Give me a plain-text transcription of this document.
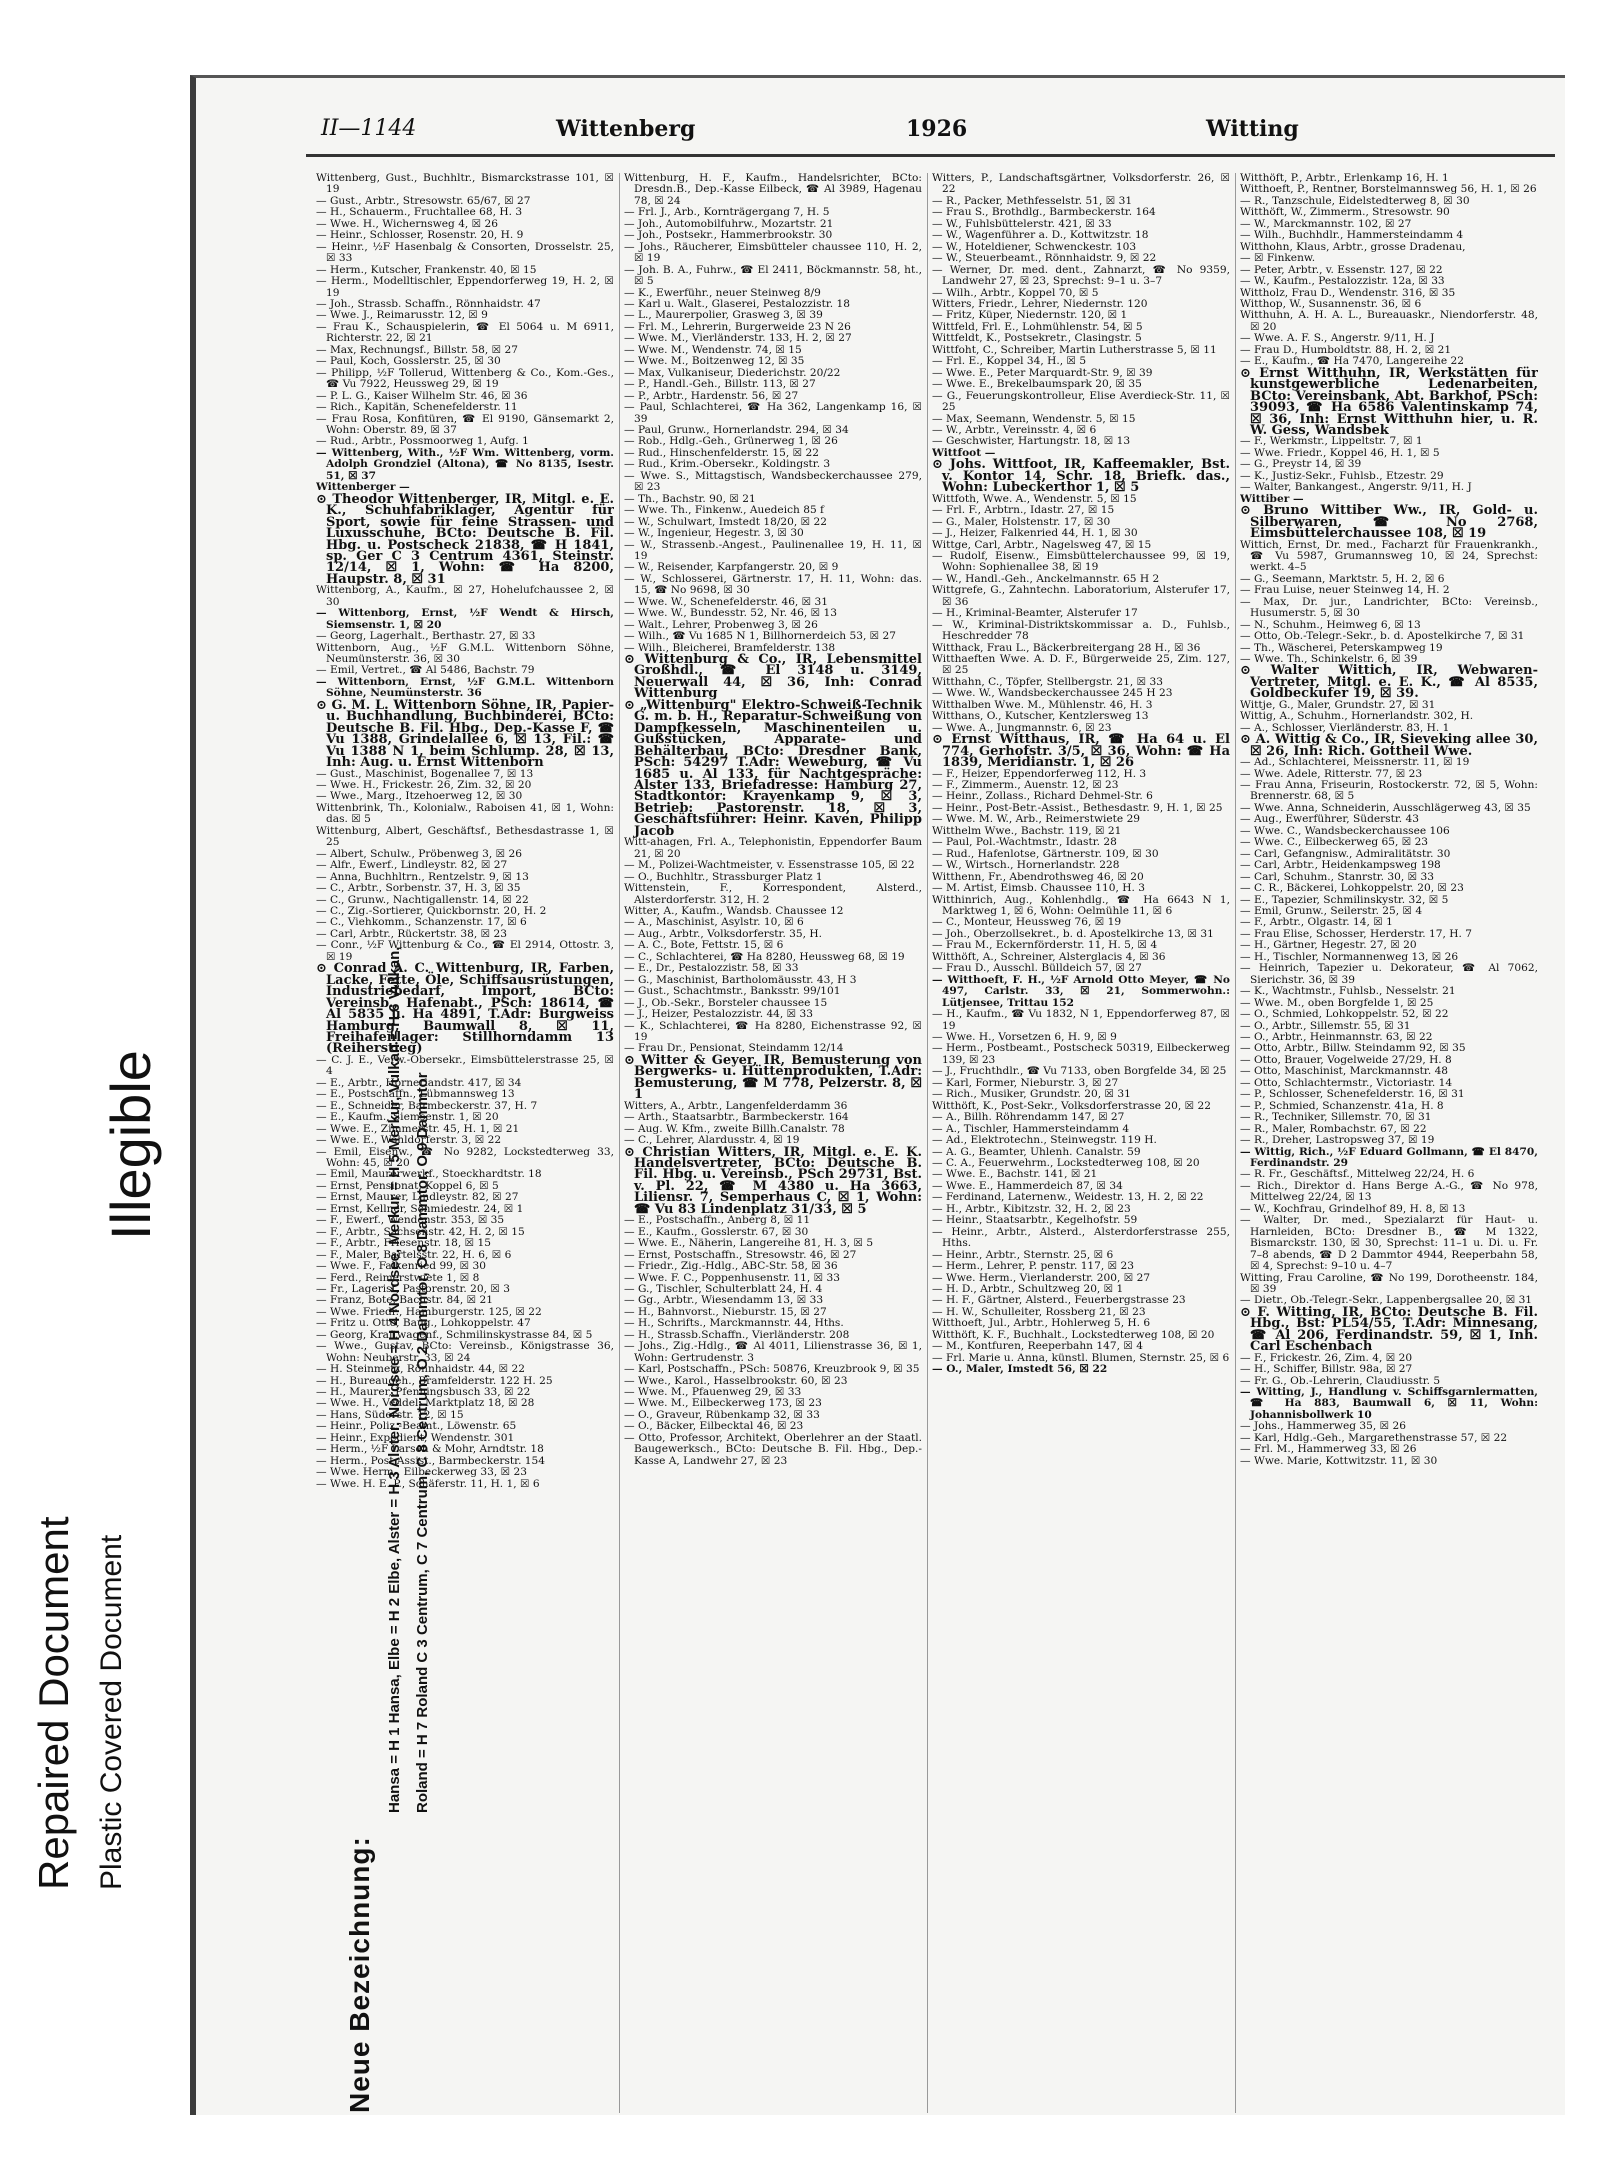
Repaired Document Plastic Covered Document
Illegible
II—1144	Wittenberg	1926	Witting
Neue Bezeichnung:
Hansa = H 1 Hansa, Elbe = H 2 Elbe, Alster = H 3 Alster, Nordsee = H 4 Nordsee, Merkur = H 5 Merkur, Vulkan = H 6 Vulkan, Roland = H 7 Roland C 3 Centrum, C 7 Centrum, C 8 Centrum, O 2 Dammtor, O 8 Dammtor, O 9 Dammtor

Wittenberg, Gust., Buchhltr., Bismarckstrasse 101, ☒ 19

— Gust., Arbtr., Stresowstr. 65/67, ☒ 27

— H., Schauerm., Fruchtallee 68, H. 3

— Wwe. H., Wichernsweg 4, ☒ 26

— Heinr., Schlosser, Rosenstr. 20, H. 9

— Heinr., ½F Hasenbalg & Consorten, Drosselstr. 25, ☒ 33

— Herm., Kutscher, Frankenstr. 40, ☒ 15

— Herm., Modelltischler, Eppendorferweg 19, H. 2, ☒ 19

— Joh., Strassb. Schaffn., Rönnhaidstr. 47

— Wwe. J., Reimarusstr. 12, ☒ 9

— Frau K., Schauspielerin, ☎ El 5064 u. M 6911, Richterstr. 22, ☒ 21

— Max, Rechnungsf., Billstr. 58, ☒ 27

— Paul, Koch, Gosslerstr. 25, ☒ 30

— Philipp, ½F Tollerud, Wittenberg & Co., Kom.-Ges., ☎ Vu 7922, Heussweg 29, ☒ 19

— P. L. G., Kaiser Wilhelm Str. 46, ☒ 36

— Rich., Kapitän, Schenefelderstr. 11

— Frau Rosa, Konfitüren, ☎ El 9190, Gänsemarkt 2, Wohn: Oberstr. 89, ☒ 37

— Rud., Arbtr., Possmoorweg 1, Aufg. 1

— Wittenberg, With., ½F Wm. Wittenberg, vorm. Adolph Grondziel (Altona), ☎ No 8135, Isestr. 51, ☒ 37

Wittenberger —

⊙ Theodor Wittenberger, IR, Mitgl. e. E. K., Schuhfabriklager, Agentur für Sport, sowie für feine Strassen- und Luxusschuhe, BCto: Deutsche B. Fil. Hbg. u. Postscheck 21838, ☎ H 1841, sp. Ger C 3 Centrum 4361, Steinstr. 12/14, ☒ 1, Wohn: ☎ Ha 8200, Haupstr. 8, ☒ 31

Wittenborg, A., Kaufm., ☒ 27, Hohelufchaussee 2, ☒ 30

— Wittenborg, Ernst, ½F Wendt & Hirsch, Siemsenstr. 1, ☒ 20

— Georg, Lagerhalt., Berthastr. 27, ☒ 33

Wittenborn, Aug., ½F G.M.L. Wittenborn Söhne, Neumünsterstr. 36, ☒ 30

— Emil, Vertret., ☎ Al 5486, Bachstr. 79

— Wittenborn, Ernst, ½F G.M.L. Wittenborn Söhne, Neumünsterstr. 36

⊙ G. M. L. Wittenborn Söhne, IR, Papier- u. Buchhandlung, Buchbinderei, BCto: Deutsche B. Fil. Hbg., Dep.-Kasse F, ☎ Vu 1388, Grindelallee 6, ☒ 13, Fil.: ☎ Vu 1388 N 1, beim Schlump. 28, ☒ 13, Inh: Aug. u. Ernst Wittenborn

— Gust., Maschinist, Bogenallee 7, ☒ 13

— Wwe. H., Frickestr. 26, Zim. 32, ☒ 20

— Wwe., Marg., Itzehoerweg 12, ☒ 30

Wittenbrink, Th., Kolonialw., Raboisen 41, ☒ 1, Wohn: das. ☒ 5

Wittenburg, Albert, Geschäftsf., Bethesdastrasse 1, ☒ 25

— Albert, Schulw., Pröbenweg 3, ☒ 26

— Alfr., Ewerf., Lindleystr. 82, ☒ 27

— Anna, Buchhltrn., Rentzelstr. 9, ☒ 13

— C., Arbtr., Sorbenstr. 37, H. 3, ☒ 35

— C., Grunw., Nachtigallenstr. 14, ☒ 22

— C., Zig.-Sortierer, Quickbornstr. 20, H. 2

— C., Viehkomm., Schanzenstr. 17, ☒ 6

— Carl, Arbtr., Rückertstr. 38, ☒ 23

— Conr., ½F Wittenburg & Co., ☎ El 2914, Ottostr. 3, ☒ 19

⊙ Conrad A. C. Wittenburg, IR, Farben, Lacke, Fette, Öle, Schiffsausrüstungen, Industriebedarf, Import, BCto: Vereinsb., Hafenabt., PSch: 18614, ☎ Al 5835 u. Ha 4891, T.Adr: Burgweiss Hamburg, Baumwall 8, ☒ 11, Freihafenlager: Stillhorndamm 13 (Reiherstieg)

— C. J. E., Verw.-Obersekr., Eimsbüttelerstrasse 25, ☒ 4

— E., Arbtr., Hornerlandstr. 417, ☒ 34

— E., Postschaffn., Lübmannsweg 13

— E., Schneider, Barmbeckerstr. 37, H. 7

— E., Kaufm., Siemsenstr. 1, ☒ 20

— Wwe. E., Zimmerstr. 45, H. 1, ☒ 21

— Wwe. E., Wohldorferstr. 3, ☒ 22

— Emil, Eisenw., ☎ No 9282, Lockstedterweg 33, Wohn: 45, ☒ 20

— Emil, Maurerwerkf., Stoeckhardtstr. 18

— Ernst, Pensionat, Koppel 6, ☒ 5

— Ernst, Maurer, Lindleystr. 82, ☒ 27

— Ernst, Kellner, Schmiedestr. 24, ☒ 1

— F., Ewerf., Wendenstr. 353, ☒ 35

— F., Arbtr., Sachsenstr. 42, H. 2, ☒ 15

— F., Arbtr., Friesenstr. 18, ☒ 15

— F., Maler, Bartelsstr. 22, H. 6, ☒ 6

— Wwe. F., Falkenried 99, ☒ 30

— Ferd., Reimerstwiete 1, ☒ 8

— Fr., Lagerist, Pastorenstr. 20, ☒ 3

— Franz, Bote, Bachstr. 84, ☒ 21

— Wwe. Friedr., Hamburgerstr. 125, ☒ 22

— Fritz u. Otto, Baug., Lohkoppelstr. 47

— Georg, Kraftwagenf., Schmilinskystrasse 84, ☒ 5

— Wwe., Gustav, BCto: Vereinsb., Königstrasse 36, Wohn: Neuberstr. 33, ☒ 24

— H. Steinmetz, Rönnhaidstr. 44, ☒ 22

— H., Bureaugeh., Bramfelderstr. 122 H. 25

— H., Maurer, Pfenningsbusch 33, ☒ 22

— Wwe. H., Veddel, Marktplatz 18, ☒ 28

— Hans, Süderstr. 12, ☒ 15

— Heinr., Poliz.-Beamt., Löwenstr. 65

— Heinr., Expedient, Wendenstr. 301

— Herm., ½F Larsen & Mohr, Arndtstr. 18

— Herm., Post Assist., Barmbeckerstr. 154

— Wwe. Herm., Eilbeckerweg 33, ☒ 23

— Wwe. H. E. P., Schäferstr. 11, H. 1, ☒ 6

Wittenburg, H. F., Kaufm., Handelsrichter, BCto: Dresdn.B., Dep.-Kasse Eilbeck, ☎ Al 3989, Hagenau 78, ☒ 24

— Frl. J., Arb., Kornträgergang 7, H. 5

— Joh., Automobilfuhrw., Mozartstr. 21

— Joh., Postsekr., Hammerbrookstr. 30

— Johs., Räucherer, Eimsbütteler chaussee 110, H. 2, ☒ 19

— Joh. B. A., Fuhrw., ☎ El 2411, Böckmannstr. 58, ht., ☒ 5

— K., Ewerführ., neuer Steinweg 8/9

— Karl u. Walt., Glaserei, Pestalozzistr. 18

— L., Maurerpolier, Grasweg 3, ☒ 39

— Frl. M., Lehrerin, Burgerweide 23 N 26

— Wwe. M., Vierländerstr. 133, H. 2, ☒ 27

— Wwe. M., Wendenstr. 74, ☒ 15

— Wwe. M., Boitzenweg 12, ☒ 35

— Max, Vulkaniseur, Diederichstr. 20/22

— P., Handl.-Geh., Billstr. 113, ☒ 27

— P., Arbtr., Hardenstr. 56, ☒ 27

— Paul, Schlachterei, ☎ Ha 362, Langenkamp 16, ☒ 39

— Paul, Grunw., Hornerlandstr. 294, ☒ 34

— Rob., Hdlg.-Geh., Grünerweg 1, ☒ 26

— Rud., Hinschenfelderstr. 15, ☒ 22

— Rud., Krim.-Obersekr., Koldingstr. 3

— Wwe. S., Mittagstisch, Wandsbeckerchaussee 279, ☒ 23

— Th., Bachstr. 90, ☒ 21

— Wwe. Th., Finkenw., Auedeich 85 f

— W., Schulwart, Imstedt 18/20, ☒ 22

— W., Ingenieur, Hegestr. 3, ☒ 30

— W., Strassenb.-Angest., Paulinenallee 19, H. 11, ☒ 19

— W., Reisender, Karpfangerstr. 20, ☒ 9

— W., Schlosserei, Gärtnerstr. 17, H. 11, Wohn: das. 15, ☎ No 9698, ☒ 30

— Wwe. W., Schenefelderstr. 46, ☒ 31

— Wwe. W., Bundesstr. 52, Nr. 46, ☒ 13

— Walt., Lehrer, Probenweg 3, ☒ 26

— Wilh., ☎ Vu 1685 N 1, Billhornerdeich 53, ☒ 27

— Wilh., Bleicherei, Bramfelderstr. 138

⊙ Wittenburg & Co., IR, Lebensmittel Großhdl., ☎ El 3148 u. 3149, Neuerwall 44, ☒ 36, Inh: Conrad Wittenburg

⊙ „Wittenburg" Elektro-Schweiß-Technik G. m. b. H., Reparatur-Schweißung von Dampfkesseln, Maschinenteilen u. Gußstücken, Apparate- und Behälterbau, BCto: Dresdner Bank, PSch: 54297 T.Adr: Weweburg, ☎ Vu 1685 u. Al 133, für Nachtgespräche: Alster 133, Briefadresse: Hamburg 27, Stadtkontor: Krayenkamp 9, ☒ 3, Betrieb: Pastorenstr. 18, ☒ 3, Geschäftsführer: Heinr. Kaven, Philipp Jacob

Witt-ahagen, Frl. A., Telephonistin, Eppendorfer Baum 21, ☒ 20

— M., Polizei-Wachtmeister, v. Essenstrasse 105, ☒ 22

— O., Buchhltr., Strassburger Platz 1

Wittenstein, F., Korrespondent, Alsterd., Alsterdorferstr. 312, H. 2

Witter, A., Kaufm., Wandsb. Chaussee 12

— A., Maschinist, Asylstr. 10, ☒ 6

— Aug., Arbtr., Volksdorferstr. 35, H.

— A. C., Bote, Fettstr. 15, ☒ 6

— C., Schlachterei, ☎ Ha 8280, Heussweg 68, ☒ 19

— E., Dr., Pestalozzistr. 58, ☒ 33

— G., Maschinist, Bartholomäusstr. 43, H 3

— Gust., Schachtmstr., Banksstr. 99/101

— J., Ob.-Sekr., Borsteler chaussee 15

— J., Heizer, Pestalozzistr. 44, ☒ 33

— K., Schlachterei, ☎ Ha 8280, Eichenstrasse 92, ☒ 19

— Frau Dr., Pensionat, Steindamm 12/14

⊙ Witter & Geyer, IR, Bemusterung von Bergwerks- u. Hüttenprodukten, T.Adr: Bemusterung, ☎ M 778, Pelzerstr. 8, ☒ 1

Witters, A., Arbtr., Langenfelderdamm 36

— Arth., Staatsarbtr., Barmbeckerstr. 164

— Aug. W. Kfm., zweite Billh.Canalstr. 78

— C., Lehrer, Alardusstr. 4, ☒ 19

⊙ Christian Witters, IR, Mitgl. e. E. K. Handelsvertreter, BCto: Deutsche B. Fil. Hbg. u. Vereinsb., PSch 29731, Bst. v. Pl. 22, ☎ M 4380 u. Ha 3663, Liliensr. 7, Semperhaus C, ☒ 1, Wohn: ☎ Vu 83 Lindenplatz 31/33, ☒ 5

— E., Postschaffn., Anberg 8, ☒ 11

— E., Kaufm., Gosslerstr. 67, ☒ 30

— Wwe. E., Näherin, Langereihe 81, H. 3, ☒ 5

— Ernst, Postschaffn., Stresowstr. 46, ☒ 27

— Friedr., Zig.-Hdlg., ABC-Str. 58, ☒ 36

— Wwe. F. C., Poppenhusenstr. 11, ☒ 33

— G., Tischler, Schulterblatt 24, H. 4

— Gg., Arbtr., Wiesendamm 13, ☒ 33

— H., Bahnvorst., Nieburstr. 15, ☒ 27

— H., Schrifts., Marckmannstr. 44, Hths.

— H., Strassb.Schaffn., Vierländerstr. 208

— Johs., Zig.-Hdlg., ☎ Al 4011, Lilienstrasse 36, ☒ 1, Wohn: Gertrudenstr. 3

— Karl, Postschaffn., PSch: 50876, Kreuzbrook 9, ☒ 35

— Wwe., Karol., Hasselbrookstr. 60, ☒ 23

— Wwe. M., Pfauenweg 29, ☒ 33

— Wwe. M., Eilbeckerweg 173, ☒ 23

— O., Graveur, Rübenkamp 32, ☒ 33

— O., Bäcker, Eilbecktal 46, ☒ 23

— Otto, Professor, Architekt, Oberlehrer an der Staatl. Baugewerksch., BCto: Deutsche B. Fil. Hbg., Dep.-Kasse A, Landwehr 27, ☒ 23

Witters, P., Landschaftsgärtner, Volksdorferstr. 26, ☒ 22

— R., Packer, Methfesselstr. 51, ☒ 31

— Frau S., Brothdlg., Barmbeckerstr. 164

— W., Fuhlsbüttelerstr. 421, ☒ 33

— W., Wagenführer a. D., Kottwitzstr. 18

— W., Hoteldiener, Schwenckestr. 103

— W., Steuerbeamt., Rönnhaidstr. 9, ☒ 22

— Werner, Dr. med. dent., Zahnarzt, ☎ No 9359, Landwehr 27, ☒ 23, Sprechst: 9–1 u. 3–7

— Wilh., Arbtr., Koppel 70, ☒ 5

Witters, Friedr., Lehrer, Niedernstr. 120

— Fritz, Küper, Niedernstr. 120, ☒ 1

Wittfeld, Frl. E., Lohmühlenstr. 54, ☒ 5

Wittfeldt, K., Postsekretr., Clasingstr. 5

Wittfoht, C., Schreiber, Martin Lutherstrasse 5, ☒ 11

— Frl. E., Koppel 34, H., ☒ 5

— Wwe. E., Peter Marquardt-Str. 9, ☒ 39

— Wwe. E., Brekelbaumspark 20, ☒ 35

— G., Feuerungskontrolleur, Elise Averdieck-Str. 11, ☒ 25

— Max, Seemann, Wendenstr. 5, ☒ 15

— W., Arbtr., Vereinsstr. 4, ☒ 6

— Geschwister, Hartungstr. 18, ☒ 13

Wittfoot —

⊙ Johs. Wittfoot, IR, Kaffeemakler, Bst. v. Kontor 14, Schr. 18, Briefk. das., Wohn: Lubeckerthor 1, ☒ 5

Wittfoth, Wwe. A., Wendenstr. 5, ☒ 15

— Frl. F., Arbtrn., Idastr. 27, ☒ 15

— G., Maler, Holstenstr. 17, ☒ 30

— J., Heizer, Falkenried 44, H. 1, ☒ 30

Wittge, Carl, Arbtr., Nagelsweg 47, ☒ 15

— Rudolf, Eisenw., Eimsbüttelerchaussee 99, ☒ 19, Wohn: Sophienallee 38, ☒ 19

— W., Handl.-Geh., Anckelmannstr. 65 H 2

Wittgrefe, G., Zahntechn. Laboratorium, Alsterufer 17, ☒ 36

— H., Kriminal-Beamter, Alsterufer 17

— W., Kriminal-Distriktskommissar a. D., Fuhlsb., Heschredder 78

Witthack, Frau L., Bäckerbreitergang 28 H., ☒ 36

Witthaeften Wwe. A. D. F., Bürgerweide 25, Zim. 127, ☒ 25

Witthahn, C., Töpfer, Stellbergstr. 21, ☒ 33

— Wwe. W., Wandsbeckerchaussee 245 H 23

Witthalben Wwe. M., Mühlenstr. 46, H. 3

Witthans, O., Kutscher, Kentzlersweg 13

— Wwe. A., Jungmannstr. 6, ☒ 23

⊙ Ernst Witthaus, IR, ☎ Ha 64 u. El 774, Gerhofstr. 3/5, ☒ 36, Wohn: ☎ Ha 1839, Meridianstr. 1, ☒ 26

— F., Heizer, Eppendorferweg 112, H. 3

— F., Zimmerm., Auenstr. 12, ☒ 23

— Heinr., Zollass., Richard Dehmel-Str. 6

— Heinr., Post-Betr.-Assist., Bethesdastr. 9, H. 1, ☒ 25

— Wwe. M. W., Arb., Reimerstwiete 29

Witthelm Wwe., Bachstr. 119, ☒ 21

— Paul, Pol.-Wachtmstr., Idastr. 28

— Rud., Hafenlotse, Gärtnerstr. 109, ☒ 30

— W., Wirtsch., Hornerlandstr. 228

Witthenn, Fr., Abendrothsweg 46, ☒ 20

— M. Artist, Eimsb. Chaussee 110, H. 3

Witthinrich, Aug., Kohlenhdlg., ☎ Ha 6643 N 1, Marktweg 1, ☒ 6, Wohn: Oelmühle 11, ☒ 6

— C., Monteur, Heussweg 76, ☒ 19

— Joh., Oberzollsekret., b. d. Apostelkirche 13, ☒ 31

— Frau M., Eckernförderstr. 11, H. 5, ☒ 4

Witthöft, A., Schreiner, Alsterglacis 4, ☒ 36

— Frau D., Ausschl. Bülldeich 57, ☒ 27

— Witthoeft, F. H., ½F Arnold Otto Meyer, ☎ No 497, Carlstr. 33, ☒ 21, Sommerwohn.: Lütjensee, Trittau 152

— H., Kaufm., ☎ Vu 1832, N 1, Eppendorferweg 87, ☒ 19

— Wwe. H., Vorsetzen 6, H. 9, ☒ 9

— Herm., Postbeamt., Postscheck 50319, Eilbeckerweg 139, ☒ 23

— J., Fruchthdlr., ☎ Vu 7133, oben Borgfelde 34, ☒ 25

— Karl, Former, Nieburstr. 3, ☒ 27

— Rich., Musiker, Grundstr. 20, ☒ 31

Witthöft, K., Post-Sekr., Volksdorferstrasse 20, ☒ 22

— A., Billh. Röhrendamm 147, ☒ 27

— A., Tischler, Hammersteindamm 4

— Ad., Elektrotechn., Steinwegstr. 119 H.

— A. G., Beamter, Uhlenh. Canalstr. 59

— C. A., Feuerwehrm., Lockstedterweg 108, ☒ 20

— Wwe. E., Bachstr. 141, ☒ 21

— Wwe. E., Hammerdeich 87, ☒ 34

— Ferdinand, Laternenw., Weidestr. 13, H. 2, ☒ 22

— H., Arbtr., Kibitzstr. 32, H. 2, ☒ 23

— Heinr., Staatsarbtr., Kegelhofstr. 59

— Heinr., Arbtr., Alsterd., Alsterdorferstrasse 255, Hths.

— Heinr., Arbtr., Sternstr. 25, ☒ 6

— Herm., Lehrer, P. penstr. 117, ☒ 23

— Wwe. Herm., Vierlanderstr. 200, ☒ 27

— H. D., Arbtr., Schultzweg 20, ☒ 1

— H. F., Gärtner, Alsterd., Feuerbergstrasse 23

— H. W., Schulleiter, Rossberg 21, ☒ 23

Witthoeft, Jul., Arbtr., Hohlerweg 5, H. 6

Witthöft, K. F., Buchhalt., Lockstedterweg 108, ☒ 20

— M., Kontfuren, Reeperbahn 147, ☒ 4

— Frl. Marie u. Anna, künstl. Blumen, Sternstr. 25, ☒ 6

— O., Maler, Imstedt 56, ☒ 22

Witthöft, P., Arbtr., Erlenkamp 16, H. 1

Witthoeft, P., Rentner, Borstelmannsweg 56, H. 1, ☒ 26

— R., Tanzschule, Eidelstedterweg 8, ☒ 30

Witthöft, W., Zimmerm., Stresowstr. 90

— W., Marckmannstr. 102, ☒ 27

— Wilh., Buchhdlr., Hammersteindamm 4

Witthohn, Klaus, Arbtr., grosse Dradenau,

— ☒ Finkenw.

— Peter, Arbtr., v. Essenstr. 127, ☒ 22

— W., Kaufm., Pestalozzistr. 12a, ☒ 33

Wittholz, Frau D., Wendenstr. 316, ☒ 35

Witthop, W., Susannenstr. 36, ☒ 6

Witthuhn, A. H. A. L., Bureauaskr., Niendorferstr. 48, ☒ 20

— Wwe. A. F. S., Angerstr. 9/11, H. J

— Frau D., Humboldtstr. 88, H. 2, ☒ 21

— E., Kaufm., ☎ Ha 7470, Langereihe 22

⊙ Ernst Witthuhn, IR, Werkstätten für kunstgewerbliche Ledenarbeiten, BCto: Vereinsbank, Abt. Barkhof, PSch: 39093, ☎ Ha 6586 Valentinskamp 74, ☒ 36, Inh: Ernst Witthuhn hier, u. R. W. Gess, Wandsbek

— F., Werkmstr., Lippeltstr. 7, ☒ 1

— Wwe. Friedr., Koppel 46, H. 1, ☒ 5

— G., Preystr 14, ☒ 39

— K., Justiz-Sekr., Fuhlsb., Etzestr. 29

— Walter, Bankangest., Angerstr. 9/11, H. J

Wittiber —

⊙ Bruno Wittiber Ww., IR, Gold- u. Silberwaren, ☎ No 2768, Eimsbüttelerchaussee 108, ☒ 19

Wittich, Ernst, Dr. med., Facharzt für Frauenkrankh., ☎ Vu 5987, Grumannsweg 10, ☒ 24, Sprechst: werkt. 4–5

— G., Seemann, Marktstr. 5, H. 2, ☒ 6

— Frau Luise, neuer Steinweg 14, H. 2

— Max, Dr. jur., Landrichter, BCto: Vereinsb., Husumerstr. 5, ☒ 30

— N., Schuhm., Heimweg 6, ☒ 13

— Otto, Ob.-Telegr.-Sekr., b. d. Apostelkirche 7, ☒ 31

— Th., Wäscherei, Peterskampweg 19

— Wwe. Th., Schinkelstr. 6, ☒ 39

⊙ Walter Wittich, IR, Webwaren-Vertreter, Mitgl. e. E. K., ☎ Al 8535, Goldbeckufer 19, ☒ 39.

Wittje, G., Maler, Grundstr. 27, ☒ 31

Wittig, A., Schuhm., Hornerlandstr. 302, H.

— A., Schlosser, Vierländerstr. 83, H. 1

⊙ A. Wittig & Co., IR, Sieveking allee 30, ☒ 26, Inh: Rich. Gottheil Wwe.

— Ad., Schlachterei, Meissnerstr. 11, ☒ 19

— Wwe. Adele, Ritterstr. 77, ☒ 23

— Frau Anna, Friseurin, Rostockerstr. 72, ☒ 5, Wohn: Brennerstr. 68, ☒ 5

— Wwe. Anna, Schneiderin, Ausschlägerweg 43, ☒ 35

— Aug., Ewerführer, Süderstr. 43

— Wwe. C., Wandsbeckerchaussee 106

— Wwe. C., Eilbeckerweg 65, ☒ 23

— Carl, Gefangnisw., Admiralitätstr. 30

— Carl, Arbtr., Heidenkampsweg 198

— Carl, Schuhm., Stanrstr. 30, ☒ 33

— C. R., Bäckerei, Lohkoppelstr. 20, ☒ 23

— E., Tapezier, Schmilinskystr. 32, ☒ 5

— Emil, Grunw., Seilerstr. 25, ☒ 4

— F., Arbtr., Olgastr. 14, ☒ 1

— Frau Elise, Schosser, Herderstr. 17, H. 7

— H., Gärtner, Hegestr. 27, ☒ 20

— H., Tischler, Normannenweg 13, ☒ 26

— Heinrich, Tapezier u. Dekorateur, ☎ Al 7062, Sierichstr. 36, ☒ 39

— K., Wachtmstr., Fuhlsb., Nesselstr. 21

— Wwe. M., oben Borgfelde 1, ☒ 25

— O., Schmied, Lohkoppelstr. 52, ☒ 22

— O., Arbtr., Sillemstr. 55, ☒ 31

— O., Arbtr., Heinmannstr. 63, ☒ 22

— Otto, Arbtr., Billw. Steindamm 92, ☒ 35

— Otto, Brauer, Vogelweide 27/29, H. 8

— Otto, Maschinist, Marckmannstr. 48

— Otto, Schlachtermstr., Victoriastr. 14

— P., Schlosser, Schenefelderstr. 16, ☒ 31

— P., Schmied, Schanzenstr. 41a, H. 8

— R., Techniker, Sillemstr. 70, ☒ 31

— R., Maler, Rombachstr. 67, ☒ 22

— R., Dreher, Lastropsweg 37, ☒ 19

— Wittig, Rich., ½F Eduard Gollmann, ☎ El 8470, Ferdinandstr. 29

— R. Fr., Geschäftsf., Mittelweg 22/24, H. 6

— Rich., Direktor d. Hans Berge A.-G., ☎ No 978, Mittelweg 22/24, ☒ 13

— W., Kochfrau, Grindelhof 89, H. 8, ☒ 13

— Walter, Dr. med., Spezialarzt für Haut- u. Harnleiden, BCto: Dresdner B., ☎ M 1322, Bismarckstr. 130, ☒ 30, Sprechst: 11–1 u. Di. u. Fr. 7–8 abends, ☎ D 2 Dammtor 4944, Reeperbahn 58, ☒ 4, Sprechst: 9–10 u. 4–7

Witting, Frau Caroline, ☎ No 199, Dorotheenstr. 184, ☒ 39

— Dietr., Ob.-Telegr.-Sekr., Lappenbergsallee 20, ☒ 31

⊙ F. Witting, IR, BCto: Deutsche B. Fil. Hbg., Bst: PL54/55, T.Adr: Minnesang, ☎ Al 206, Ferdinandstr. 59, ☒ 1, Inh. Carl Eschenbach

— F., Frickestr. 26, Zim. 4, ☒ 20

— H., Schiffer, Billstr. 98a, ☒ 27

— Fr. G., Ob.-Lehrerin, Claudiusstr. 5

— Witting, J., Handlung v. Schiffsgarnlermatten, ☎ Ha 883, Baumwall 6, ☒ 11, Wohn: Johannisbollwerk 10

— Johs., Hammerweg 35, ☒ 26

— Karl, Hdlg.-Geh., Margarethenstrasse 57, ☒ 22

— Frl. M., Hammerweg 33, ☒ 26

— Wwe. Marie, Kottwitzstr. 11, ☒ 30
